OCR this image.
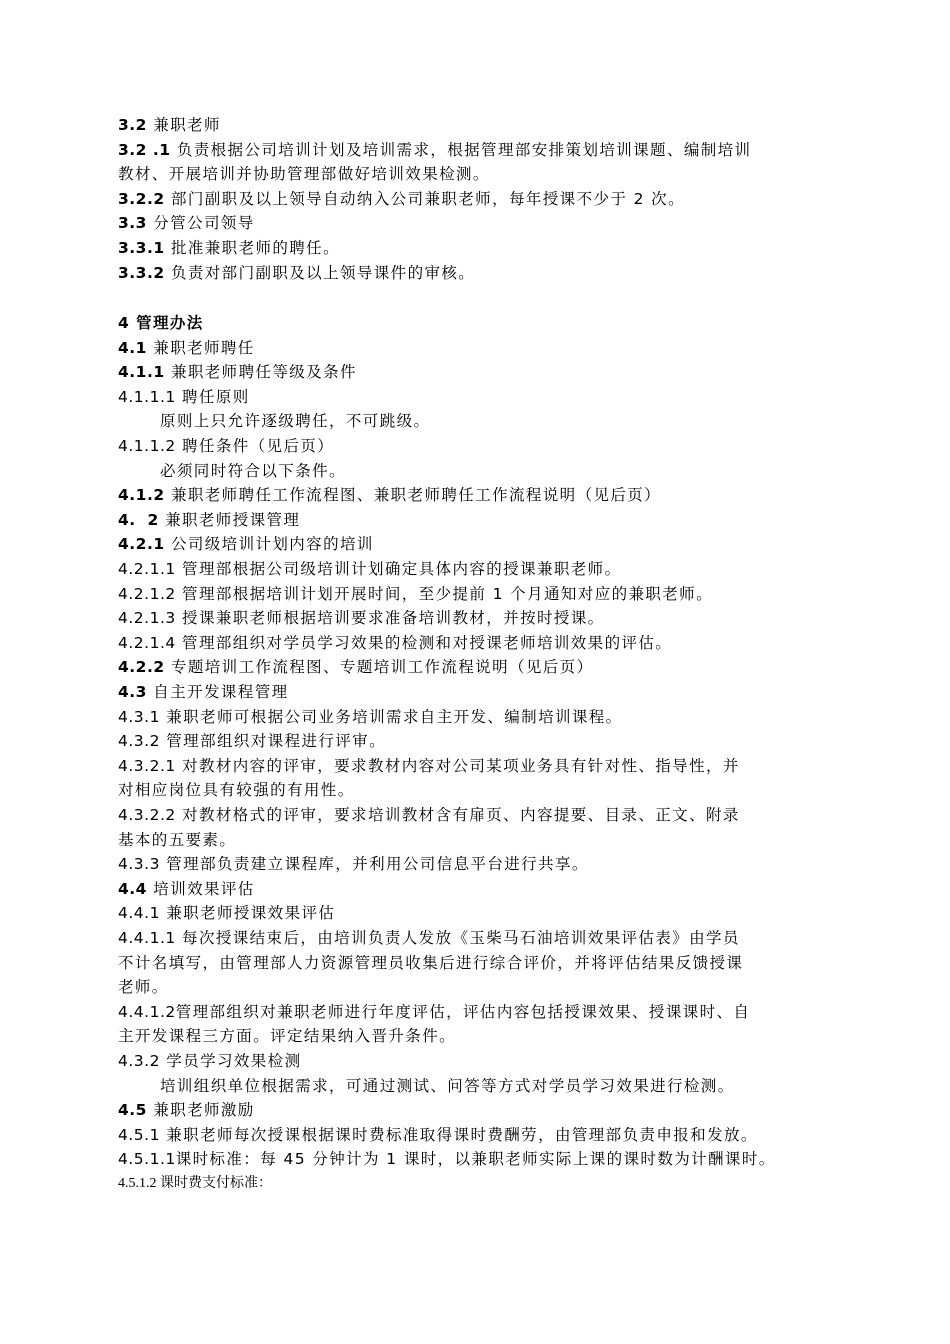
3.2 兼职老师
3.2 .1 负责根据公司培训计划及培训需求，根据管理部安排策划培训课题、编制培训
教材、开展培训并协助管理部做好培训效果检测。
3.2.2 部门副职及以上领导自动纳入公司兼职老师，每年授课不少于 2 次。
3.3 分管公司领导
3.3.1 批准兼职老师的聘任。
3.3.2 负责对部门副职及以上领导课件的审核。
4 管理办法
4.1 兼职老师聘任
4.1.1 兼职老师聘任等级及条件
4.1.1.1 聘任原则
原则上只允许逐级聘任，不可跳级。
4.1.1.2 聘任条件（见后页）
必须同时符合以下条件。
4.1.2 兼职老师聘任工作流程图、兼职老师聘任工作流程说明（见后页）
4.  2 兼职老师授课管理
4.2.1 公司级培训计划内容的培训
4.2.1.1 管理部根据公司级培训计划确定具体内容的授课兼职老师。
4.2.1.2 管理部根据培训计划开展时间，至少提前 1 个月通知对应的兼职老师。
4.2.1.3 授课兼职老师根据培训要求准备培训教材，并按时授课。
4.2.1.4 管理部组织对学员学习效果的检测和对授课老师培训效果的评估。
4.2.2 专题培训工作流程图、专题培训工作流程说明（见后页）
4.3 自主开发课程管理
4.3.1 兼职老师可根据公司业务培训需求自主开发、编制培训课程。
4.3.2 管理部组织对课程进行评审。
4.3.2.1 对教材内容的评审，要求教材内容对公司某项业务具有针对性、指导性，并
对相应岗位具有较强的有用性。
4.3.2.2 对教材格式的评审，要求培训教材含有扉页、内容提要、目录、正文、附录
基本的五要素。
4.3.3 管理部负责建立课程库，并利用公司信息平台进行共享。
4.4 培训效果评估
4.4.1 兼职老师授课效果评估
4.4.1.1 每次授课结束后，由培训负责人发放《玉柴马石油培训效果评估表》由学员
不计名填写，由管理部人力资源管理员收集后进行综合评价，并将评估结果反馈授课
老师。
4.4.1.2管理部组织对兼职老师进行年度评估，评估内容包括授课效果、授课课时、自
主开发课程三方面。评定结果纳入晋升条件。
4.3.2 学员学习效果检测
培训组织单位根据需求，可通过测试、问答等方式对学员学习效果进行检测。
4.5 兼职老师激励
4.5.1 兼职老师每次授课根据课时费标准取得课时费酬劳，由管理部负责申报和发放。
4.5.1.1课时标准：每 45 分钟计为 1 课时，以兼职老师实际上课的课时数为计酬课时。
4.5.1.2 课时费支付标准：
